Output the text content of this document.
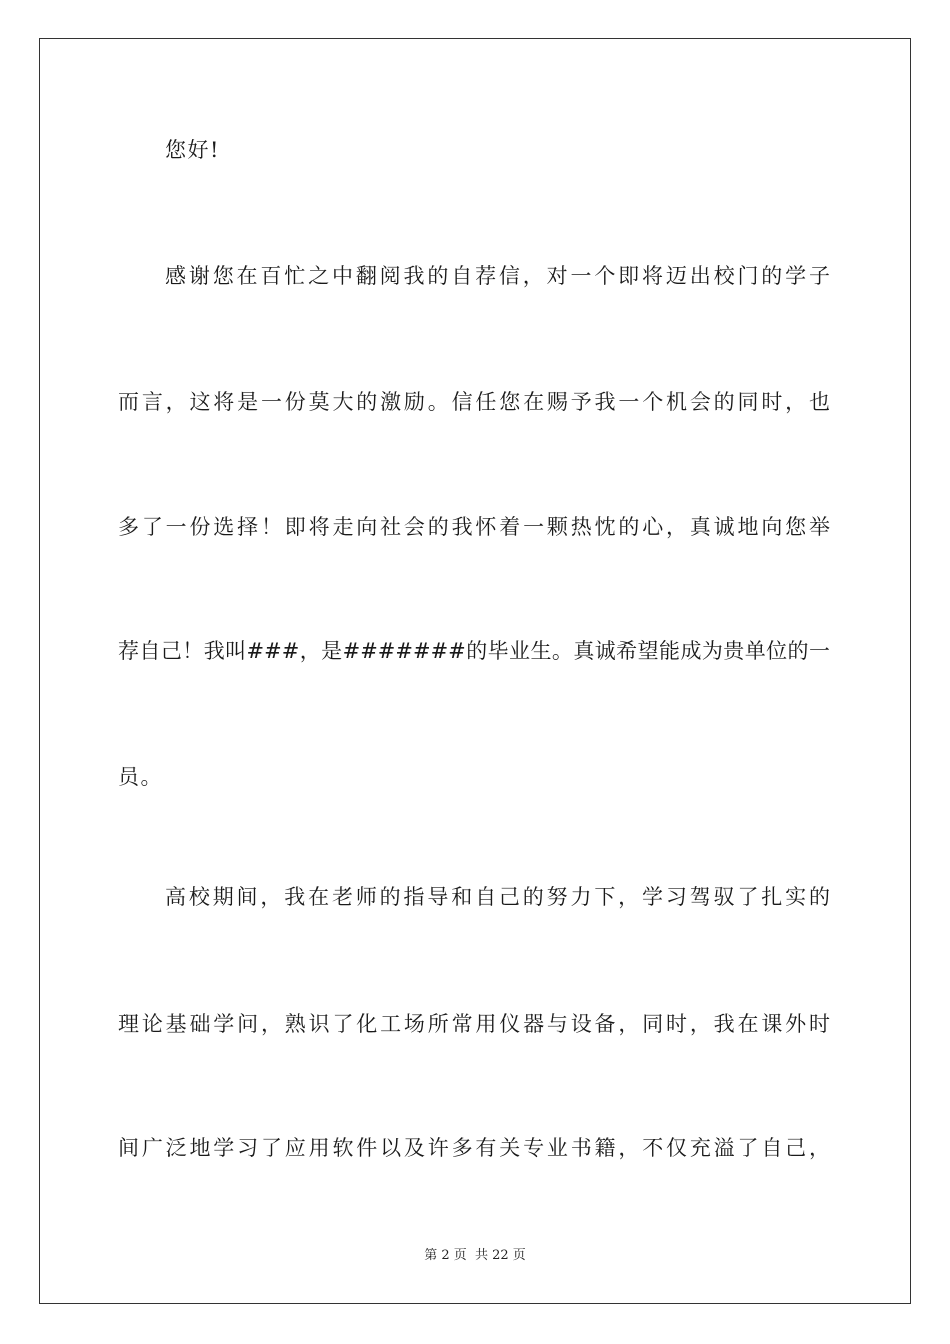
您好!
感谢您在百忙之中翻阅我的自荐信，对一个即将迈出校门的学子
而言，这将是一份莫大的激励。信任您在赐予我一个机会的同时，也
多了一份选择！即将走向社会的我怀着一颗热忱的心，真诚地向您举
荐自己！我叫###，是#######的毕业生。真诚希望能成为贵单位的一
员。
高校期间，我在老师的指导和自己的努力下，学习驾驭了扎实的
理论基础学问，熟识了化工场所常用仪器与设备，同时，我在课外时
间广泛地学习了应用软件以及许多有关专业书籍，不仅充溢了自己，
第 2 页 共 22 页
